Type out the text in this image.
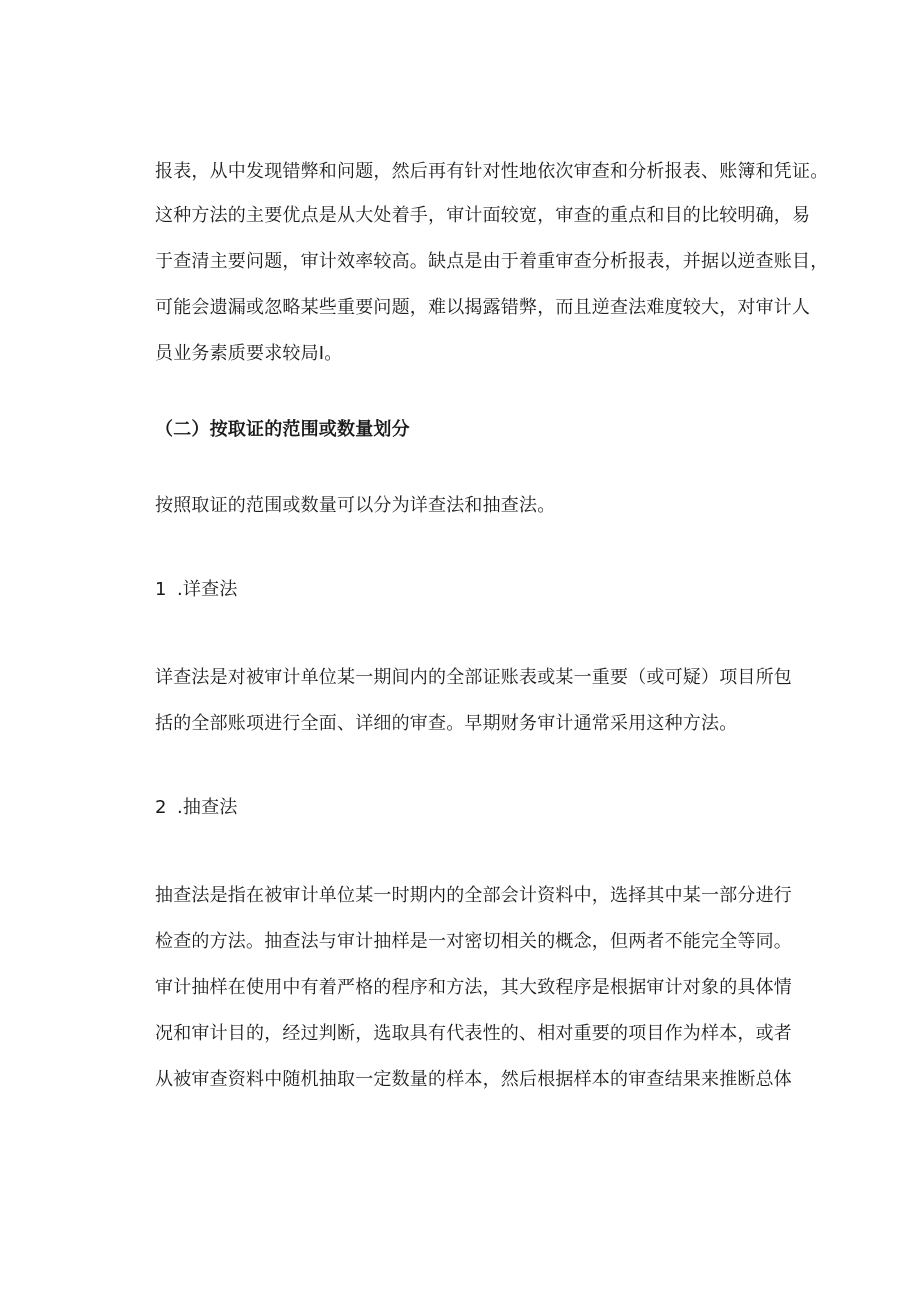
报表，从中发现错弊和问题，然后再有针对性地依次审查和分析报表、账簿和凭证。
这种方法的主要优点是从大处着手，审计面较宽，审查的重点和目的比较明确，易
于查清主要问题，审计效率较高。缺点是由于着重审查分析报表，并据以逆查账目，
可能会遗漏或忽略某些重要问题，难以揭露错弊，而且逆查法难度较大，对审计人
员业务素质要求较局I。
（二）按取证的范围或数量划分
按照取证的范围或数量可以分为详查法和抽查法。
1 .详查法
详查法是对被审计单位某一期间内的全部证账表或某一重要（或可疑）项目所包
括的全部账项进行全面、详细的审查。早期财务审计通常采用这种方法。
2 .抽查法
抽查法是指在被审计单位某一时期内的全部会计资料中，选择其中某一部分进行
检查的方法。抽查法与审计抽样是一对密切相关的概念，但两者不能完全等同。
审计抽样在使用中有着严格的程序和方法，其大致程序是根据审计对象的具体情
况和审计目的，经过判断，选取具有代表性的、相对重要的项目作为样本，或者
从被审查资料中随机抽取一定数量的样本，然后根据样本的审查结果来推断总体
